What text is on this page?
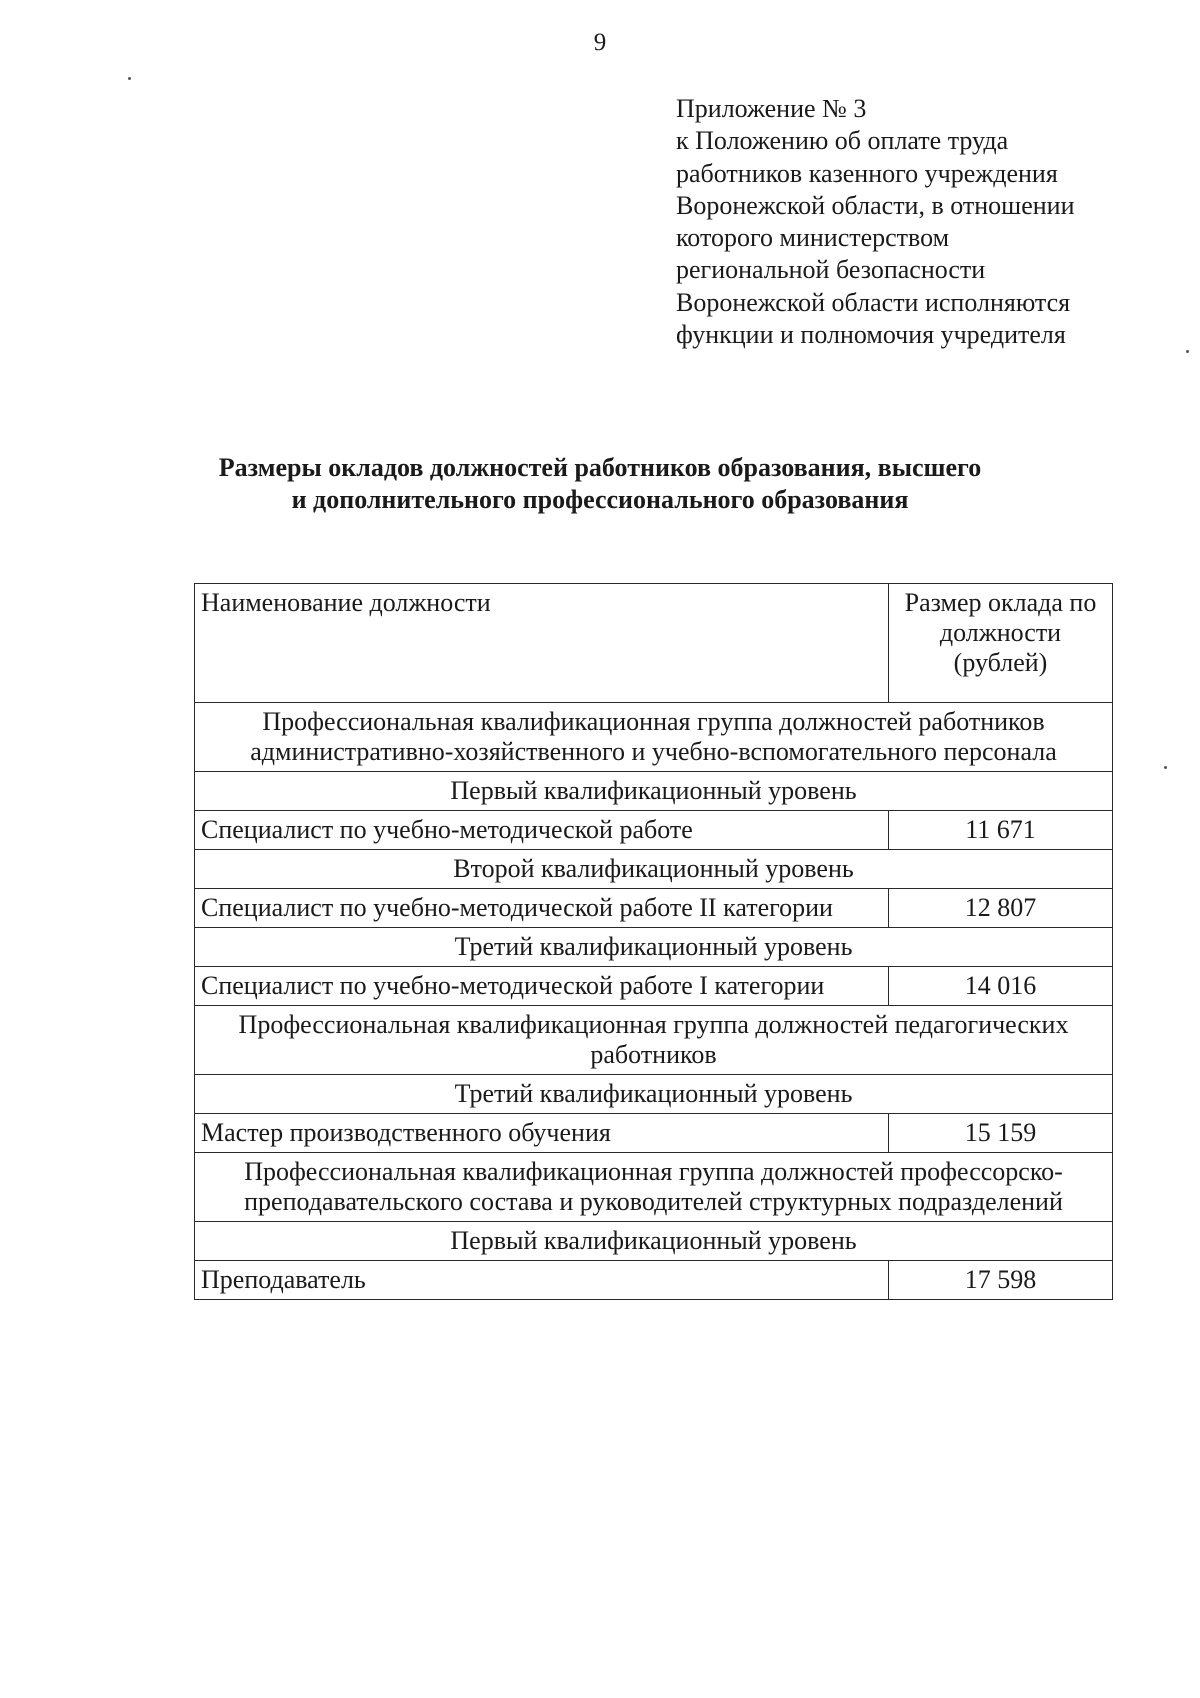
9
Приложение № 3
к Положению об оплате труда
работников казенного учреждения
Воронежской области, в отношении
которого министерством
региональной безопасности
Воронежской области исполняются
функции и полномочия учредителя
Размеры окладов должностей работников образования, высшего
и дополнительного профессионального образования
Наименование должности	Размер оклада по должности (рублей)
Профессиональная квалификационная группа должностей работников административно-хозяйственного и учебно-вспомогательного персонала	
Первый квалификационный уровень	
Специалист по учебно-методической работе	11 671
Второй квалификационный уровень	
Специалист по учебно-методической работе II категории	12 807
Третий квалификационный уровень	
Специалист по учебно-методической работе I категории	14 016
Профессиональная квалификационная группа должностей педагогических работников	
Третий квалификационный уровень	
Мастер производственного обучения	15 159
Профессиональная квалификационная группа должностей профессорско-преподавательского состава и руководителей структурных подразделений	
Первый квалификационный уровень	
Преподаватель	17 598
